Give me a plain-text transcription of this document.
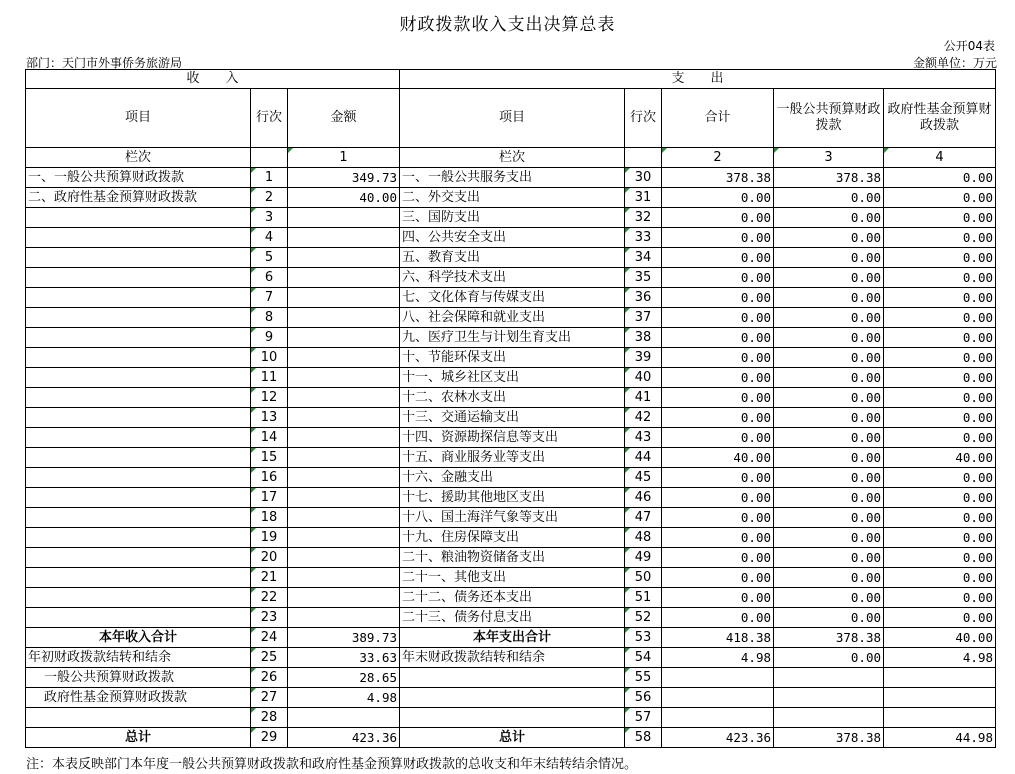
财政拨款收入支出决算总表
公开04表
部门：天门市外事侨务旅游局	金额单位：万元
收　　入			支　　出				
项目	行次	金额	项目	行次	合计	一般公共预算财政拨款	政府性基金预算财政拨款
栏次		1	栏次		2	3	4
一、一般公共预算财政拨款	1	349.73	一、一般公共服务支出	30	378.38	378.38	0.00
二、政府性基金预算财政拨款	2	40.00	二、外交支出	31	0.00	0.00	0.00
	3		三、国防支出	32	0.00	0.00	0.00
	4		四、公共安全支出	33	0.00	0.00	0.00
	5		五、教育支出	34	0.00	0.00	0.00
	6		六、科学技术支出	35	0.00	0.00	0.00
	7		七、文化体育与传媒支出	36	0.00	0.00	0.00
	8		八、社会保障和就业支出	37	0.00	0.00	0.00
	9		九、医疗卫生与计划生育支出	38	0.00	0.00	0.00
	10		十、节能环保支出	39	0.00	0.00	0.00
	11		十一、城乡社区支出	40	0.00	0.00	0.00
	12		十二、农林水支出	41	0.00	0.00	0.00
	13		十三、交通运输支出	42	0.00	0.00	0.00
	14		十四、资源勘探信息等支出	43	0.00	0.00	0.00
	15		十五、商业服务业等支出	44	40.00	0.00	40.00
	16		十六、金融支出	45	0.00	0.00	0.00
	17		十七、援助其他地区支出	46	0.00	0.00	0.00
	18		十八、国土海洋气象等支出	47	0.00	0.00	0.00
	19		十九、住房保障支出	48	0.00	0.00	0.00
	20		二十、粮油物资储备支出	49	0.00	0.00	0.00
	21		二十一、其他支出	50	0.00	0.00	0.00
	22		二十二、债务还本支出	51	0.00	0.00	0.00
	23		二十三、债务付息支出	52	0.00	0.00	0.00
本年收入合计	24	389.73	本年支出合计	53	418.38	378.38	40.00
年初财政拨款结转和结余	25	33.63	年末财政拨款结转和结余	54	4.98	0.00	4.98
一般公共预算财政拨款	26	28.65		55			
政府性基金预算财政拨款	27	4.98		56			
	28			57			
总计	29	423.36	总计	58	423.36	378.38	44.98
注：本表反映部门本年度一般公共预算财政拨款和政府性基金预算财政拨款的总收支和年末结转结余情况。
